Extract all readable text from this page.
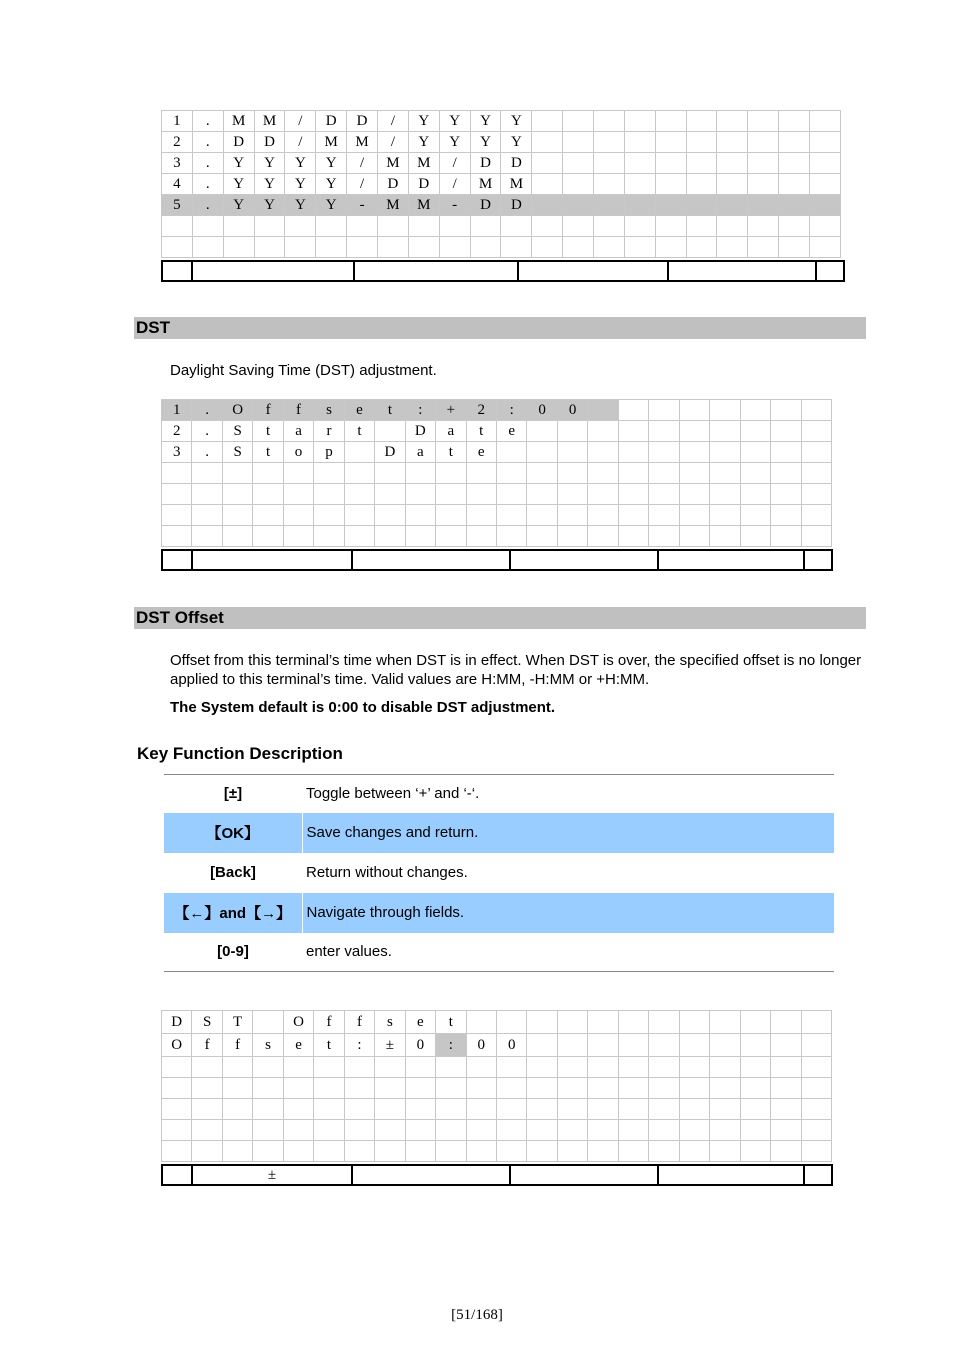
1	.	M	M	/	D	D	/	Y	Y	Y	Y										
2	.	D	D	/	M	M	/	Y	Y	Y	Y										
3	.	Y	Y	Y	Y	/	M	M	/	D	D										
4	.	Y	Y	Y	Y	/	D	D	/	M	M										
5	.	Y	Y	Y	Y	-	M	M	-	D	D										

DST
Daylight Saving Time (DST) adjustment.
1	.	O	f	f	s	e	t	:	+	2	:	0	0								
2	.	S	t	a	r	t		D	a	t	e										
3	.	S	t	o	p		D	a	t	e											

DST Offset
Offset from this terminal’s time when DST is in effect. When DST is over, the specified offset is no longer applied to this terminal’s time. Valid values are H:MM, -H:MM or +H:MM.
The System default is 0:00 to disable DST adjustment.
Key Function Description
[±]	Toggle between ‘+’ and ‘-‘.
【OK】	Save changes and return.
[Back]	Return without changes.
【←】and【→】	Navigate through fields.
[0-9]	enter values.
D	S	T		O	f	f	s	e	t												
O	f	f	s	e	t	:	±	0	:	0	0										

	±				
[51/168]
